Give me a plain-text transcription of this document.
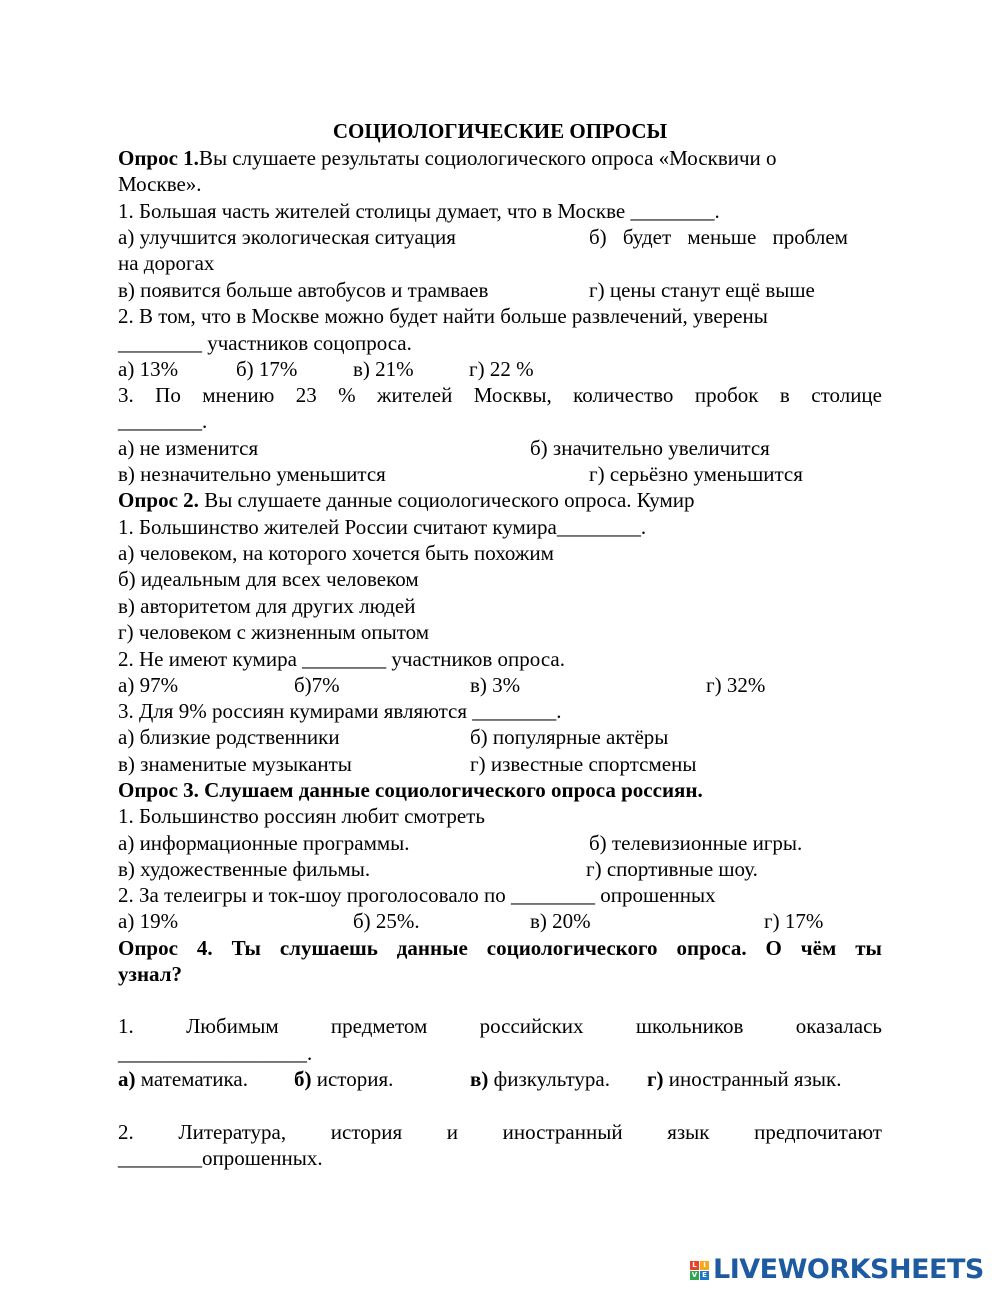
СОЦИОЛОГИЧЕСКИЕ ОПРОСЫ
Опрос 1.Вы слушаете результаты социологического опроса «Москвичи о
Москве».
1. Большая часть жителей столицы думает, что в Москве ________.
а) улучшится экологическая ситуация	б) будет меньше проблем
на дорогах
в) появится больше автобусов и трамваев	г) цены станут ещё выше
2. В том, что в Москве можно будет найти больше развлечений, уверены
________ участников соцопроса.
а) 13%	б) 17%	в) 21%	г) 22 %
3. По мнению 23 % жителей Москвы, количество пробок в столице
________.
а) не изменится	б) значительно увеличится
в) незначительно уменьшится	г) серьёзно уменьшится
Опрос 2. Вы слушаете данные социологического опроса. Кумир
1. Большинство жителей России считают кумира________.
а) человеком, на которого хочется быть похожим
б) идеальным для всех человеком
в) авторитетом для других людей
г) человеком с жизненным опытом
2. Не имеют кумира ________ участников опроса.
а) 97%	б)7%	в) 3%	г) 32%
3. Для 9% россиян кумирами являются ________.
а) близкие родственники	б) популярные актёры
в) знаменитые музыканты	г) известные спортсмены
Опрос 3. Слушаем данные социологического опроса россиян.
1. Большинство россиян любит смотреть
а) информационные программы.	б) телевизионные игры.
в) художественные фильмы.	г) спортивные шоу.
2. За телеигры и ток-шоу проголосовало по ________ опрошенных
а) 19%	б) 25%.	в) 20%	г) 17%
Опрос 4. Ты слушаешь данные социологического опроса. О чём ты
узнал?
1. Любимым предметом российских школьников оказалась
__________________.
а) математика. б) история.	в) физкультура. г) иностранный язык.
2. Литература, история и иностранный язык предпочитают
________опрошенных.
L I
V E LIVEWORKSHEETS
